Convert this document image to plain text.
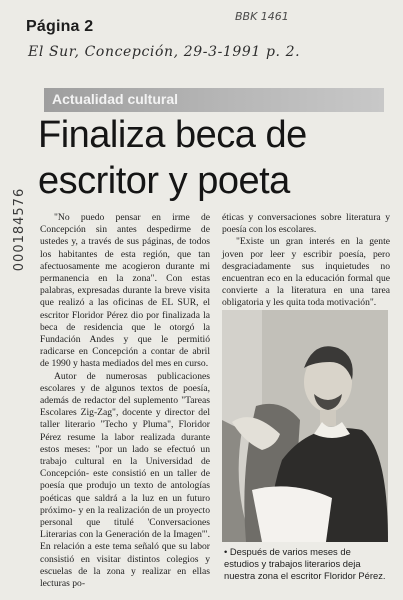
Página 2
BBK 1461
El Sur, Concepción, 29-3-1991 p. 2.
000184576
Actualidad cultural
Finaliza beca de escritor y poeta

"No puedo pensar en irme de Concepción sin antes despedirme de ustedes y, a través de sus páginas, de todos los habitantes de esta región, que tan afectuosamente me acogieron durante mi permanencia en la zona". Con estas palabras, expresadas durante la breve visita que realizó a las oficinas de EL SUR, el escritor Floridor Pérez dio por finalizada la beca de residencia que le otorgó la Fundación Andes y que le permitió radicarse en Concepción a contar de abril de 1990 y hasta mediados del mes en curso.

Autor de numerosas publicaciones escolares y de algunos textos de poesía, además de redactor del suplemento "Tareas Escolares Zig-Zag", docente y director del taller literario "Techo y Pluma", Floridor Pérez resume la labor realizada durante estos meses: "por un lado se efectuó un trabajo cultural en la Universidad de Concepción- este consistió en un taller de poesía que produjo un texto de antologías poéticas que saldrá a la luz en un futuro próximo- y en la realización de un proyecto personal que titulé 'Conversaciones Literarias con la Generación de la Imagen'". En relación a este tema señaló que su labor consistió en visitar distintos colegios y escuelas de la zona y realizar en ellas lecturas po-

éticas y conversaciones sobre literatura y poesía con los escolares.

"Existe un gran interés en la gente joven por leer y escribir poesía, pero desgraciadamente sus inquietudes no encuentran eco en la educación formal que convierte a la literatura en una tarea obligatoria y les quita toda motivación".

• Después de varios meses de estudios y trabajos literarios deja nuestra zona el escritor Floridor Pérez.
